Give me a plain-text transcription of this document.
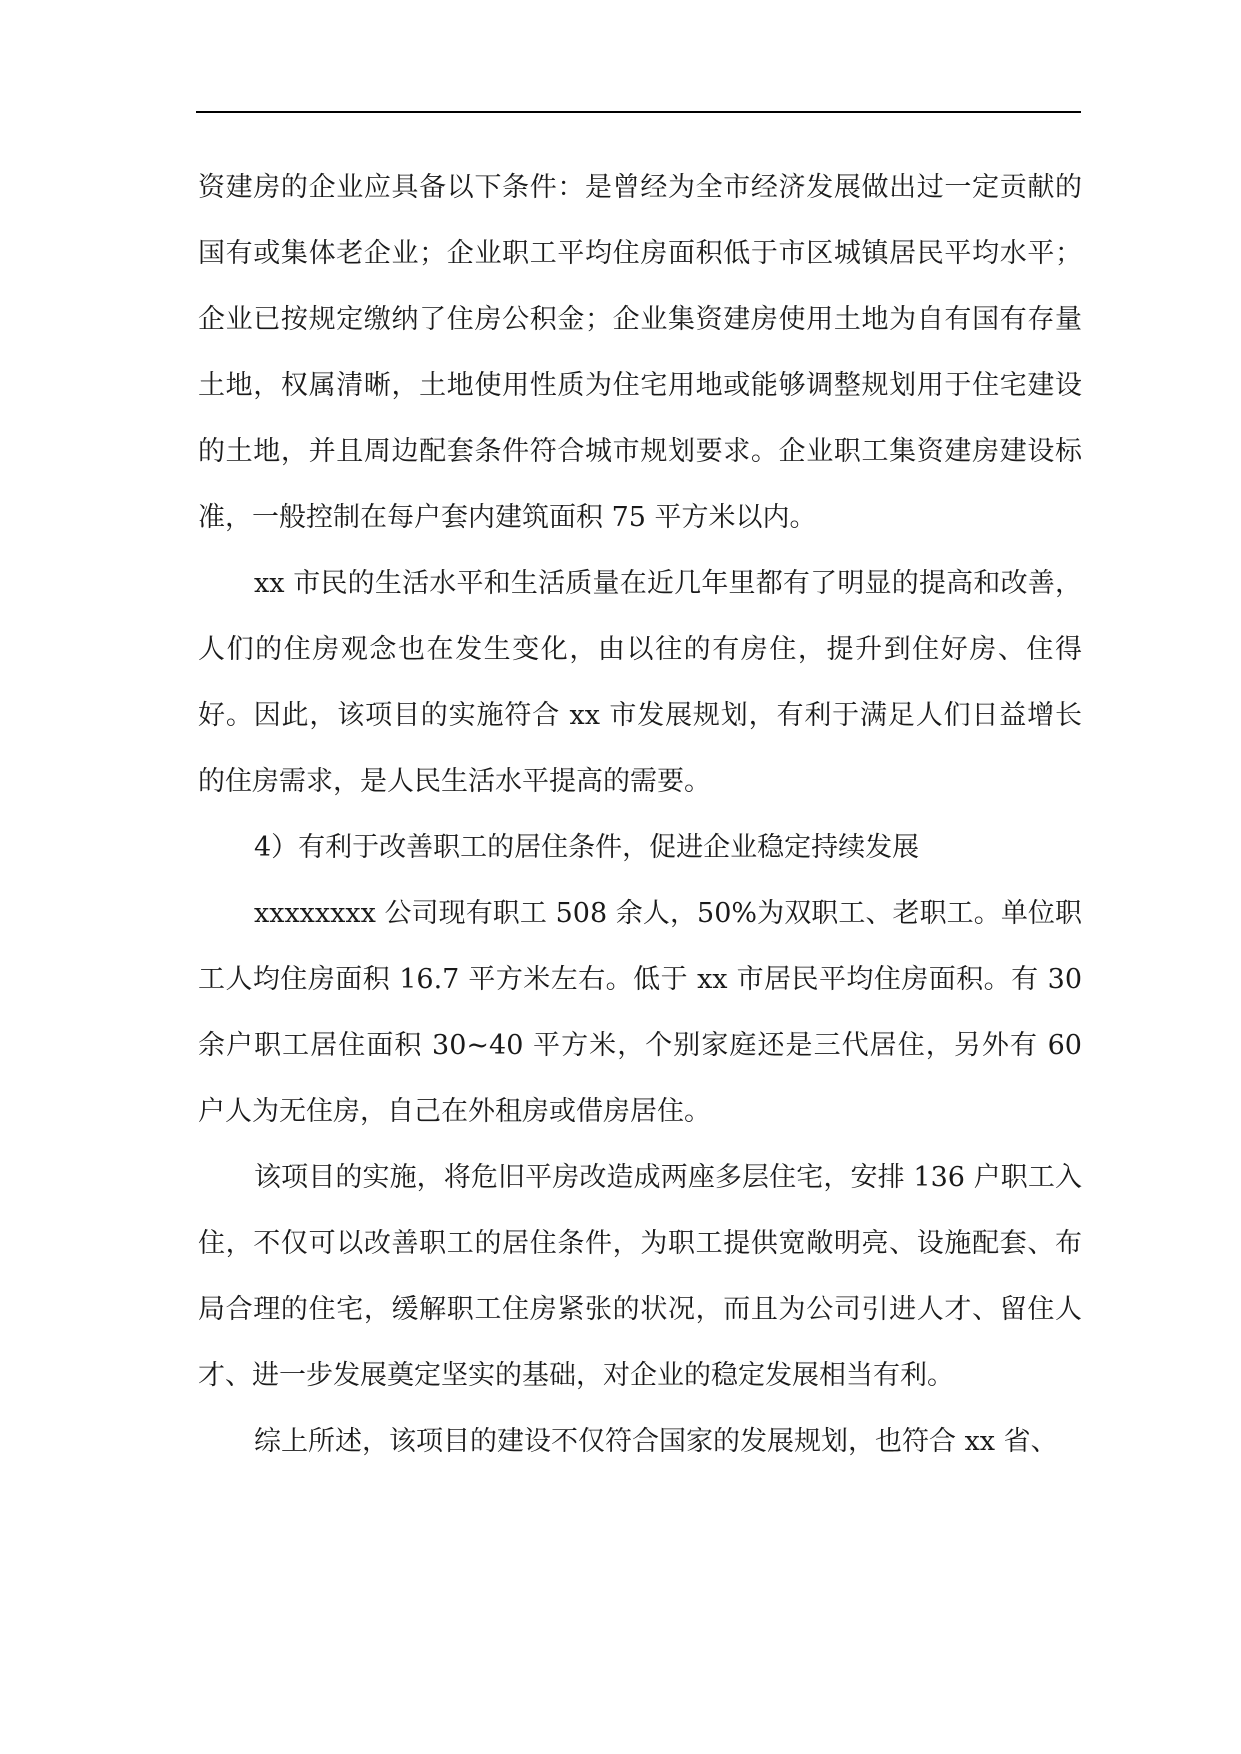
资建房的企业应具备以下条件：是曾经为全市经济发展做出过一定贡献的国有或集体老企业；企业职工平均住房面积低于市区城镇居民平均水平；企业已按规定缴纳了住房公积金；企业集资建房使用土地为自有国有存量土地，权属清晰，土地使用性质为住宅用地或能够调整规划用于住宅建设的土地，并且周边配套条件符合城市规划要求。企业职工集资建房建设标准，一般控制在每户套内建筑面积 75 平方米以内。

xx 市民的生活水平和生活质量在近几年里都有了明显的提高和改善，人们的住房观念也在发生变化，由以往的有房住，提升到住好房、住得好。因此，该项目的实施符合 xx 市发展规划，有利于满足人们日益增长的住房需求，是人民生活水平提高的需要。

4）有利于改善职工的居住条件，促进企业稳定持续发展

xxxxxxxx 公司现有职工 508 余人，50%为双职工、老职工。单位职工人均住房面积 16.7 平方米左右。低于 xx 市居民平均住房面积。有 30 余户职工居住面积 30~40 平方米，个别家庭还是三代居住，另外有 60 户人为无住房，自己在外租房或借房居住。

该项目的实施，将危旧平房改造成两座多层住宅，安排 136 户职工入住，不仅可以改善职工的居住条件，为职工提供宽敞明亮、设施配套、布局合理的住宅，缓解职工住房紧张的状况，而且为公司引进人才、留住人才、进一步发展奠定坚实的基础，对企业的稳定发展相当有利。

综上所述，该项目的建设不仅符合国家的发展规划，也符合 xx 省、
